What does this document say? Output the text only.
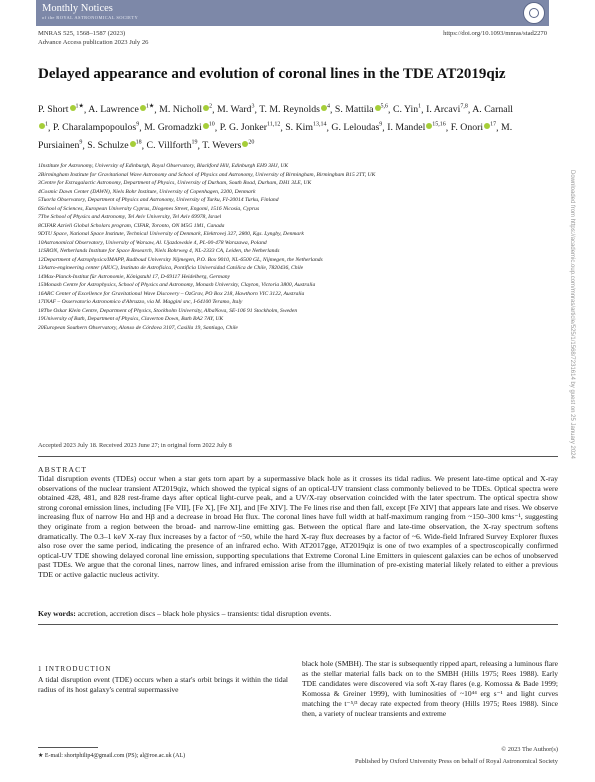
Monthly Notices
of the ROYAL ASTRONOMICAL SOCIETY
MNRAS 525, 1568–1587 (2023)
Advance Access publication 2023 July 26
https://doi.org/10.1093/mnras/stad2270
Delayed appearance and evolution of coronal lines in the TDE AT2019qiz
P. Short $^{1★}$, A. Lawrence $^{1★}$, M. Nicholl $^2$, M. Ward$^3$, T. M. Reynolds $^4$, S. Mattila $^{5,6}$, C. Yin$^1$, I. Arcavi$^{7,8}$, A. Carnall$^1$, P. Charalampopoulos$^9$, M. Gromadzki $^{10}$, P. G. Jonker$^{11,12}$, S. Kim$^{13,14}$, G. Leloudas$^9$, I. Mandel $^{15,16}$, F. Onori $^{17}$, M. Pursiainen$^9$, S. Schulze $^{18}$, C. Villforth$^{19}$, T. Wevers $^{20}$
1Institute for Astronomy, University of Edinburgh, Royal Observatory, Blackford Hill, Edinburgh EH9 3HJ, UK
2Birmingham Institute for Gravitational Wave Astronomy and School of Physics and Astronomy, University of Birmingham, Birmingham B15 2TT, UK
3Centre for Extragalactic Astronomy, Department of Physics, University of Durham, South Road, Durham, DH1 3LE, UK
4Cosmic Dawn Center (DAWN), Niels Bohr Institute, University of Copenhagen, 2200, Denmark
5Tuorla Observatory, Department of Physics and Astronomy, University of Turku, FI-20014 Turku, Finland
6School of Sciences, European University Cyprus, Diogenes Street, Engomi, 1516 Nicosia, Cyprus
7The School of Physics and Astronomy, Tel Aviv University, Tel Aviv 69978, Israel
8CIFAR Azrieli Global Scholars program, CIFAR, Toronto, ON M5G 1M1, Canada
9DTU Space, National Space Institute, Technical University of Denmark, Elektrovej 327, 2800, Kgs. Lyngby, Denmark
10Astronomical Observatory, University of Warsaw, Al. Ujazdowskie 4, PL-00-478 Warszawa, Poland
11SRON, Netherlands Institute for Space Research, Niels Bohrweg 4, NL-2333 CA, Leiden, the Netherlands
12Department of Astrophysics/IMAPP, Radboud University Nijmegen, P.O. Box 9010, NL-6500 GL, Nijmegen, the Netherlands
13Astro-engineering center (AIUC), Instituto de Astrofísica, Pontificia Universidad Católica de Chile, 7820436, Chile
14Max-Planck-Institut für Astronomie, Königstuhl 17, D-69117 Heidelberg, Germany
15Monash Centre for Astrophysics, School of Physics and Astronomy, Monash University, Clayton, Victoria 3800, Australia
16ARC Center of Excellence for Gravitational Wave Discovery – OzGrav, PO Box 218, Hawthorn VIC 3122, Australia
17INAF – Osservatorio Astronomico d'Abruzzo, via M. Maggini snc, I-64100 Teramo, Italy
18The Oskar Klein Centre, Department of Physics, Stockholm University, AlbaNova, SE-106 91 Stockholm, Sweden
19University of Bath, Department of Physics, Claverton Down, Bath BA2 7AY, UK
20European Southern Observatory, Alonso de Córdova 3107, Casilla 19, Santiago, Chile	Downloaded from https://academic.oup.com/mnras/article/525/1/1568/7231614 by guest on 25 January 2024
Accepted 2023 July 18. Received 2023 June 27; in original form 2022 July 8
ABSTRACT

Tidal disruption events (TDEs) occur when a star gets torn apart by a supermassive black hole as it crosses its tidal radius. We present late-time optical and X-ray observations of the nuclear transient AT2019qiz, which showed the typical signs of an optical-UV transient class commonly believed to be TDEs. Optical spectra were obtained 428, 481, and 828 rest-frame days after optical light-curve peak, and a UV/X-ray observation coincided with the later spectrum. The optical spectra show strong coronal emission lines, including [Fe VII], [Fe X], [Fe XI], and [Fe XIV]. The Fe lines rise and then fall, except [Fe XIV] that appears late and rises. We observe increasing flux of narrow Hα and Hβ and a decrease in broad Hα flux. The coronal lines have full width at half-maximum ranging from ~150–300 kms⁻¹, suggesting they originate from a region between the broad- and narrow-line emitting gas. Between the optical flare and late-time observation, the X-ray spectrum softens dramatically. The 0.3–1 keV X-ray flux increases by a factor of ~50, while the hard X-ray flux decreases by a factor of ~6. Wide-field Infrared Survey Explorer fluxes also rose over the same period, indicating the presence of an infrared echo. With AT2017gge, AT2019qiz is one of two examples of a spectroscopically confirmed optical-UV TDE showing delayed coronal line emission, supporting speculations that Extreme Coronal Line Emitters in quiescent galaxies can be echos of unobserved past TDEs. We argue that the coronal lines, narrow lines, and infrared emission arise from the illumination of pre-existing material likely related to either a previous TDE or active galactic nucleus activity.

Key words: accretion, accretion discs – black hole physics – transients: tidal disruption events.
1 INTRODUCTION

A tidal disruption event (TDE) occurs when a star's orbit brings it within the tidal radius of its host galaxy's central supermassive

black hole (SMBH). The star is subsequently ripped apart, releasing a luminous flare as the stellar material falls back on to the SMBH (Hills 1975; Rees 1988). Early TDE candidates were discovered via soft X-ray flares (e.g. Komossa & Bade 1999; Komossa & Greiner 1999), with luminosities of ~10⁴⁴ erg s⁻¹ and light curves matching the t⁻⁵/³ decay rate expected from theory (Hills 1975; Rees 1988). Since then, a variety of nuclear transients and extreme

★ E-mail: shortphilip4@gmail.com (PS); al@roe.ac.uk (AL)
© 2023 The Author(s)
Published by Oxford University Press on behalf of Royal Astronomical Society
